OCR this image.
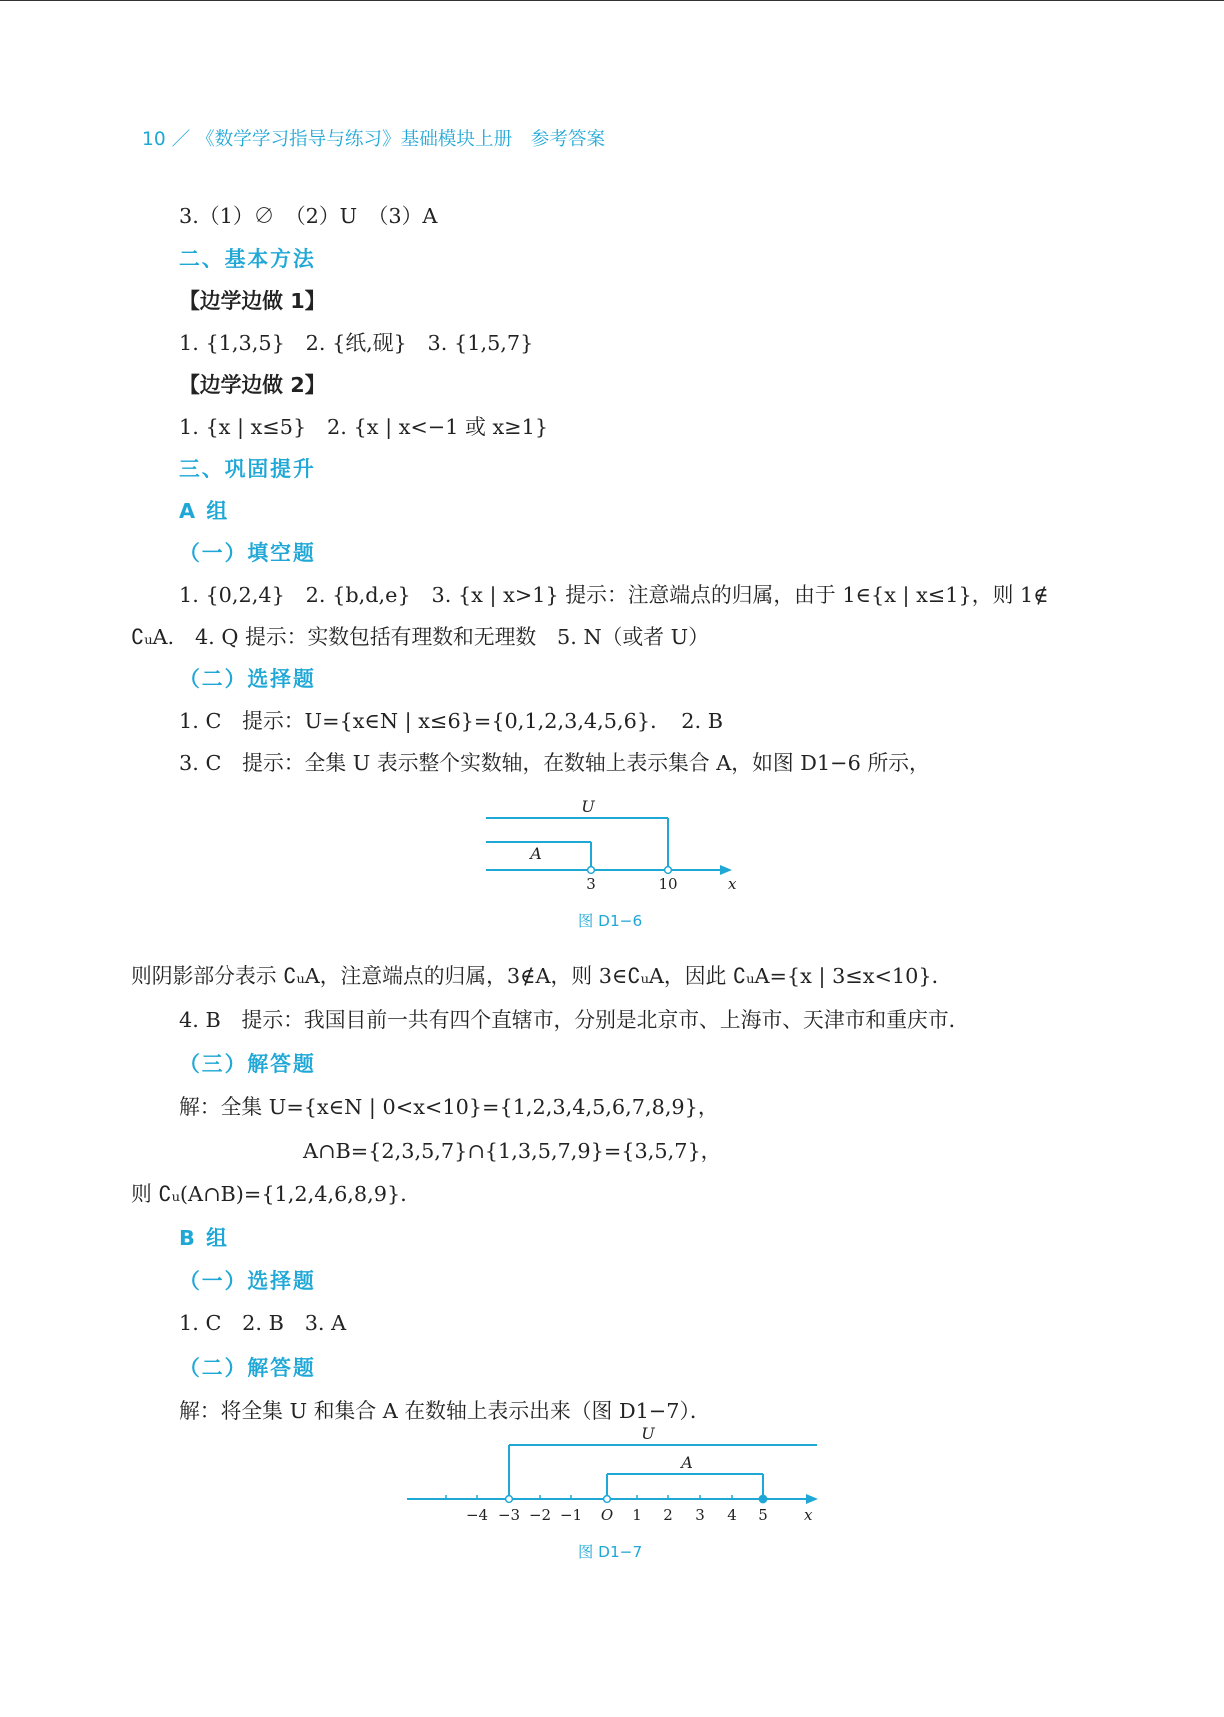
10 ／ 《数学学习指导与练习》基础模块上册　参考答案
3.（1）∅　（2）U　（3）A
二、基本方法
【边学边做 1】
1. {1,3,5}　2. {纸,砚}　3. {1,5,7}
【边学边做 2】
1. {x | x≤5}　2. {x | x<−1 或 x≥1}
三、巩固提升
A 组
（一）填空题
1. {0,2,4}　2. {b,d,e}　3. {x | x>1} 提示：注意端点的归属，由于 1∈{x | x≤1}，则 1∉
∁ᵤA.　4. Q 提示：实数包括有理数和无理数　5. N（或者 U）
（二）选择题
1. C　提示：U={x∈N | x≤6}={0,1,2,3,4,5,6}．　2. B
3. C　提示：全集 U 表示整个实数轴，在数轴上表示集合 A，如图 D1−6 所示，
U
A
3	10	x
图 D1−6
则阴影部分表示 ∁ᵤA，注意端点的归属，3∉A，则 3∈∁ᵤA，因此 ∁ᵤA={x | 3≤x<10}．
4. B　提示：我国目前一共有四个直辖市，分别是北京市、上海市、天津市和重庆市．
（三）解答题
解：全集 U={x∈N | 0<x<10}={1,2,3,4,5,6,7,8,9}，
A∩B={2,3,5,7}∩{1,3,5,7,9}={3,5,7}，
则 ∁ᵤ(A∩B)={1,2,4,6,8,9}．
B 组
（一）选择题
1. C　2. B　3. A
（二）解答题
解：将全集 U 和集合 A 在数轴上表示出来（图 D1−7）．
U
A
−4 −3 −2 −1 O 1 2 3 4 5 x
图 D1−7
